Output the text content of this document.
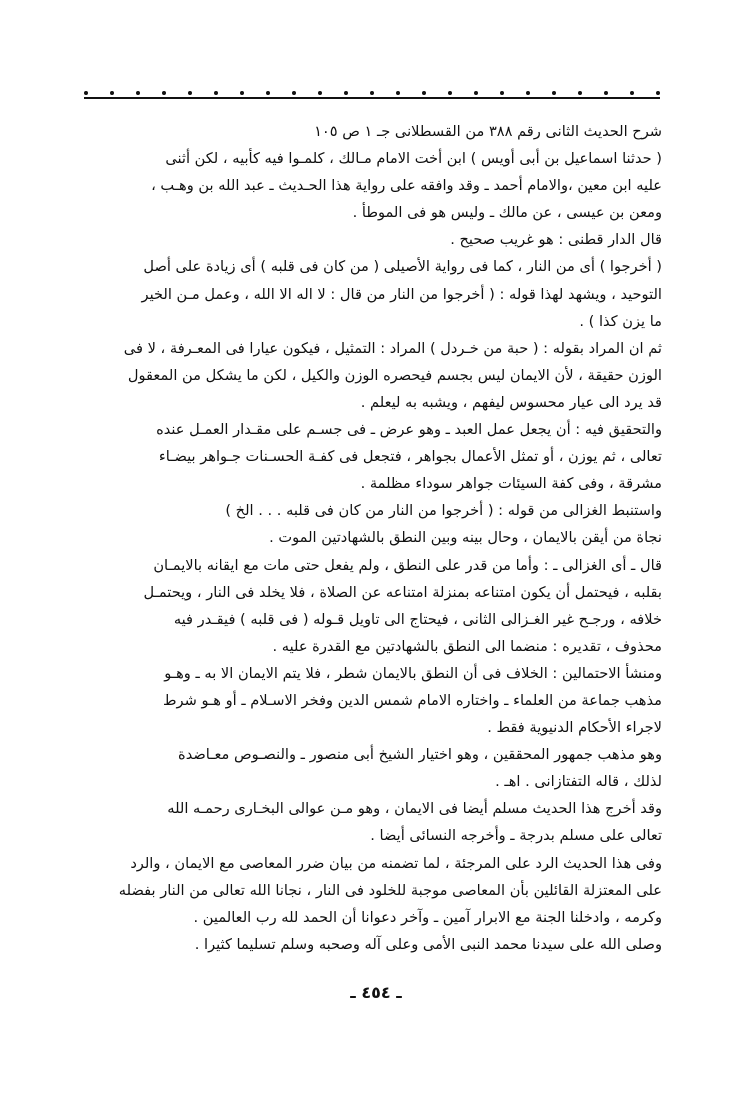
شرح الحديث الثانى رقم ٣٨٨ من القسطلانى جـ ١ ص ١٠٥
( حدثنا اسماعيل بن أبى أويس ) ابن أخت الامام مـالك ، كلمـوا فيه كأبيه ، لكن أثنى
عليه ابن معين ،والامام أحمد ـ وقد وافقه على رواية هذا الحـديث ـ عبد الله بن وهـب ،
ومعن بن عيسى ، عن مالك ـ وليس هو فى الموطأ .
قال الدار قطنى : هو غريب صحيح .
( أخرجوا ) أى من النار ، كما فى رواية الأصيلى ( من كان فى قلبه ) أى زيادة على أصل
التوحيد ، ويشهد لهذا قوله : ( أخرجوا من النار من قال : لا اله الا الله ، وعمل مـن الخير
ما يزن كذا ) .
ثم ان المراد بقوله : ( حبة من خـردل ) المراد : التمثيل ، فيكون عيارا فى المعـرفة ، لا فى
الوزن حقيقة ، لأن الايمان ليس بجسم فيحصره الوزن والكيل ، لكن ما يشكل من المعقول
قد يرد الى عيار محسوس ليفهم ، ويشبه به ليعلم .
والتحقيق فيه : أن يجعل عمل العبد ـ وهو عرض ـ فى جسـم على مقـدار العمـل عنده
تعالى ، ثم يوزن ، أو تمثل الأعمال بجواهر ، فتجعل فى كفـة الحسـنات جـواهر بيضـاء
مشرقة ، وفى كفة السيئات جواهر سوداء مظلمة .
واستنبط الغزالى من قوله : ( أخرجوا من النار من كان فى قلبه . . . الخ )
نجاة من أيقن بالايمان ، وحال بينه وبين النطق بالشهادتين الموت .
قال ـ أى الغزالى ـ : وأما من قدر على النطق ، ولم يفعل حتى مات مع ايقانه بالايمـان
بقلبه ، فيحتمل أن يكون امتناعه بمنزلة امتناعه عن الصلاة ، فلا يخلد فى النار ، ويحتمـل
خلافه ، ورجـح غير الغـزالى الثانى ، فيحتاج الى تاويل قـوله ( فى قلبه ) فيقـدر فيه
محذوف ، تقديره : منضما الى النطق بالشهادتين مع القدرة عليه .
ومنشأ الاحتمالين : الخلاف فى أن النطق بالايمان شطر ، فلا يتم الايمان الا به ـ وهـو
مذهب جماعة من العلماء ـ واختاره الامام شمس الدين وفخر الاسـلام ـ أو هـو شرط
لاجراء الأحكام الدنيوية فقط .
وهو مذهب جمهور المحققين ، وهو اختيار الشيخ أبى منصور ـ والنصـوص معـاضدة
لذلك ، قاله التفتازانى . اهـ .
وقد أخرج هذا الحديث مسلم أيضا فى الايمان ، وهو مـن عوالى البخـارى رحمـه الله
تعالى على مسلم بدرجة ـ وأخرجه النسائى أيضا .
وفى هذا الحديث الرد على المرجئة ، لما تضمنه من بيان ضرر المعاصى مع الايمان ، والرد
على المعتزلة القائلين بأن المعاصى موجبة للخلود فى النار ، نجانا الله تعالى من النار بفضله
وكرمه ، وادخلنا الجنة مع الابرار آمين ـ وآخر دعوانا أن الحمد لله رب العالمين .
وصلى الله على سيدنا محمد النبى الأمى وعلى آله وصحبه وسلم تسليما كثيرا .
ـ ٤٥٤ ـ
